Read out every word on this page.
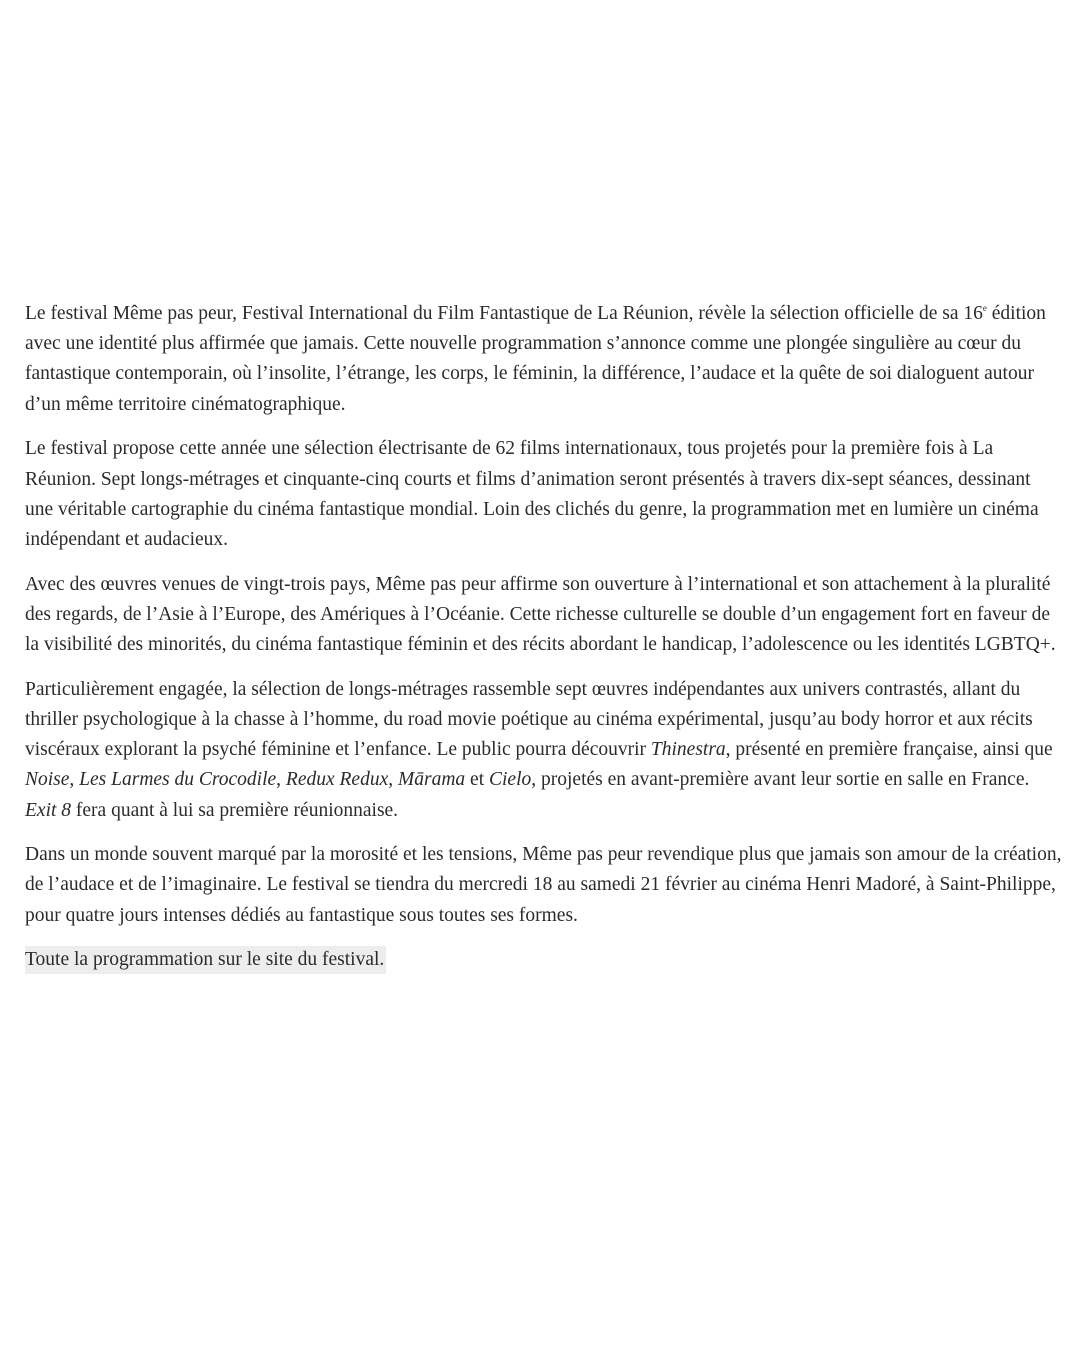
Le festival Même pas peur, Festival International du Film Fantastique de La Réunion, révèle la sélection officielle de sa 16e édition avec une identité plus affirmée que jamais. Cette nouvelle programmation s’annonce comme une plongée singulière au cœur du fantastique contemporain, où l’insolite, l’étrange, les corps, le féminin, la différence, l’audace et la quête de soi dialoguent autour d’un même territoire cinématographique.

Le festival propose cette année une sélection électrisante de 62 films internationaux, tous projetés pour la première fois à La Réunion. Sept longs-métrages et cinquante-cinq courts et films d’animation seront présentés à travers dix-sept séances, dessinant une véritable cartographie du cinéma fantastique mondial. Loin des clichés du genre, la programmation met en lumière un cinéma indépendant et audacieux.

Avec des œuvres venues de vingt-trois pays, Même pas peur affirme son ouverture à l’international et son attachement à la pluralité des regards, de l’Asie à l’Europe, des Amériques à l’Océanie. Cette richesse culturelle se double d’un engagement fort en faveur de la visibilité des minorités, du cinéma fantastique féminin et des récits abordant le handicap, l’adolescence ou les identités LGBTQ+.

Particulièrement engagée, la sélection de longs-métrages rassemble sept œuvres indépendantes aux univers contrastés, allant du thriller psychologique à la chasse à l’homme, du road movie poétique au cinéma expérimental, jusqu’au body horror et aux récits viscéraux explorant la psyché féminine et l’enfance. Le public pourra découvrir Thinestra, présenté en première française, ainsi que Noise, Les Larmes du Crocodile, Redux Redux, Mārama et Cielo, projetés en avant-première avant leur sortie en salle en France. Exit 8 fera quant à lui sa première réunionnaise.

Dans un monde souvent marqué par la morosité et les tensions, Même pas peur revendique plus que jamais son amour de la création, de l’audace et de l’imaginaire. Le festival se tiendra du mercredi 18 au samedi 21 février au cinéma Henri Madoré, à Saint-Philippe, pour quatre jours intenses dédiés au fantastique sous toutes ses formes.

Toute la programmation sur le site du festival.
